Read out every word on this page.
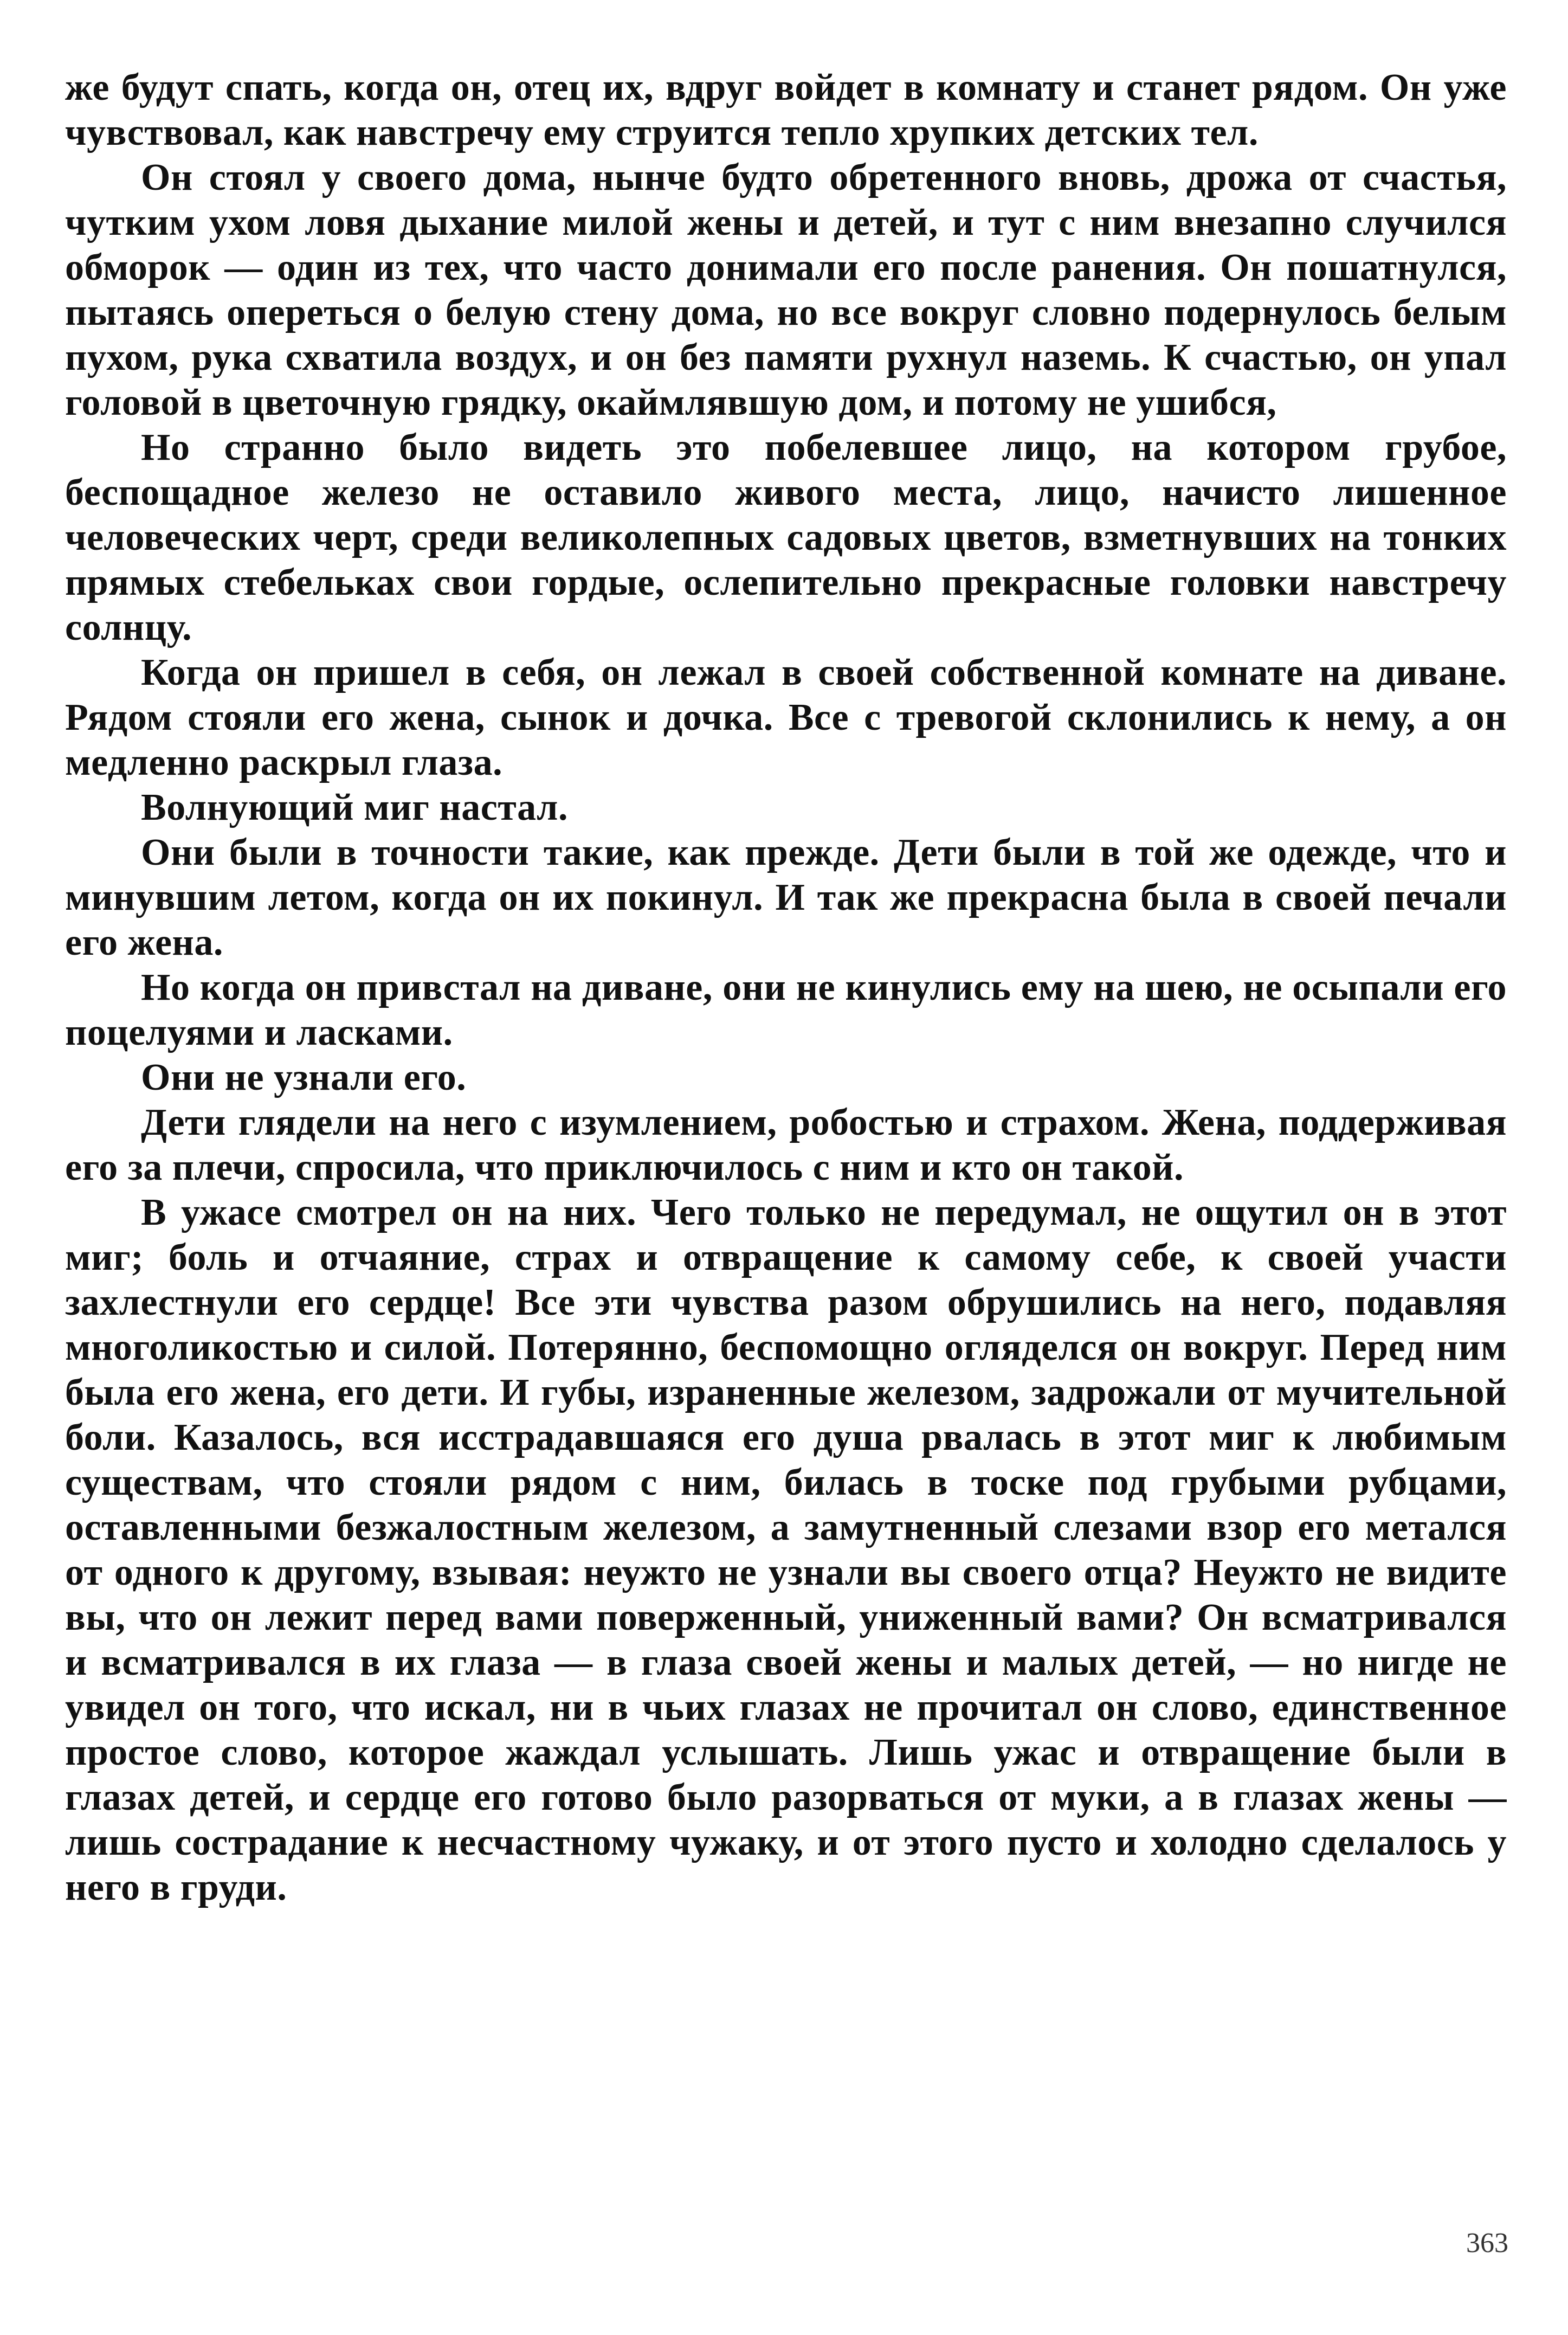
же будут спать, когда он, отец их, вдруг войдет в комнату и станет рядом. Он уже чувствовал, как навстречу ему струится тепло хрупких детских тел.

Он стоял у своего дома, нынче будто обретенного вновь, дрожа от счастья, чутким ухом ловя дыхание милой жены и детей, и тут с ним внезапно случился обморок — один из тех, что часто донимали его после ранения. Он пошатнулся, пытаясь опереться о белую стену дома, но все вокруг словно подернулось белым пухом, рука схватила воздух, и он без памяти рухнул наземь. К счастью, он упал головой в цветочную грядку, окаймлявшую дом, и потому не ушибся,

Но странно было видеть это побелевшее лицо, на котором грубое, беспощадное железо не оставило живого места, лицо, начисто лишенное человеческих черт, среди великолепных садовых цветов, взметнувших на тонких прямых стебельках свои гордые, ослепительно прекрасные головки навстречу солнцу.

Когда он пришел в себя, он лежал в своей собственной комнате на диване. Рядом стояли его жена, сынок и дочка. Все с тревогой склонились к нему, а он медленно раскрыл глаза.

Волнующий миг настал.

Они были в точности такие, как прежде. Дети были в той же одежде, что и минувшим летом, когда он их покинул. И так же прекрасна была в своей печали его жена.

Но когда он привстал на диване, они не кинулись ему на шею, не осыпали его поцелуями и ласками.

Они не узнали его.

Дети глядели на него с изумлением, робостью и страхом. Жена, поддерживая его за плечи, спросила, что приключилось с ним и кто он такой.

В ужасе смотрел он на них. Чего только не передумал, не ощутил он в этот миг; боль и отчаяние, страх и отвращение к самому себе, к своей участи захлестнули его сердце! Все эти чувства разом обрушились на него, подавляя многоликостью и силой. Потерянно, беспомощно огляделся он вокруг. Перед ним была его жена, его дети. И губы, израненные железом, задрожали от мучительной боли. Казалось, вся исстрадавшаяся его душа рвалась в этот миг к любимым существам, что стояли рядом с ним, билась в тоске под грубыми рубцами, оставленными безжалостным железом, а замутненный слезами взор его метался от одного к другому, взывая: неужто не узнали вы своего отца? Неужто не видите вы, что он лежит перед вами поверженный, униженный вами? Он всматривался и всматривался в их глаза — в глаза своей жены и малых детей, — но нигде не увидел он того, что искал, ни в чьих глазах не прочитал он слово, единственное простое слово, которое жаждал услышать. Лишь ужас и отвращение были в глазах детей, и сердце его готово было разорваться от муки, а в глазах жены — лишь сострадание к несчастному чужаку, и от этого пусто и холодно сделалось у него в груди.

363
